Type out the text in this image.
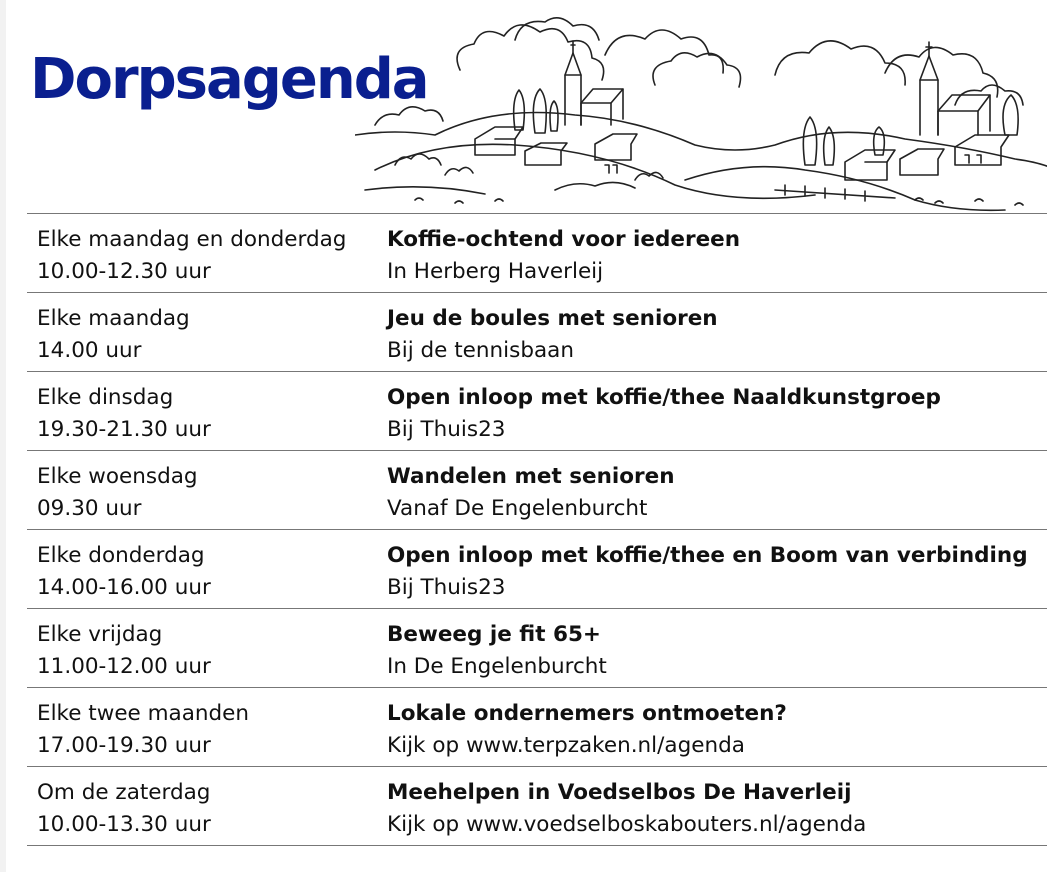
Dorpsagenda
Elke maandag en donderdag
10.00-12.30 uur
Koffie-ochtend voor iedereen
In Herberg Haverleij
Elke maandag
14.00 uur
Jeu de boules met senioren
Bij de tennisbaan
Elke dinsdag
19.30-21.30 uur
Open inloop met koffie/thee Naaldkunstgroep
Bij Thuis23
Elke woensdag
09.30 uur
Wandelen met senioren
Vanaf De Engelenburcht
Elke donderdag
14.00-16.00 uur
Open inloop met koffie/thee en Boom van verbinding
Bij Thuis23
Elke vrijdag
11.00-12.00 uur
Beweeg je fit 65+
In De Engelenburcht
Elke twee maanden
17.00-19.30 uur
Lokale ondernemers ontmoeten?
Kijk op www.terpzaken.nl/agenda
Om de zaterdag
10.00-13.30 uur
Meehelpen in Voedselbos De Haverleij
Kijk op www.voedselboskabouters.nl/agenda
